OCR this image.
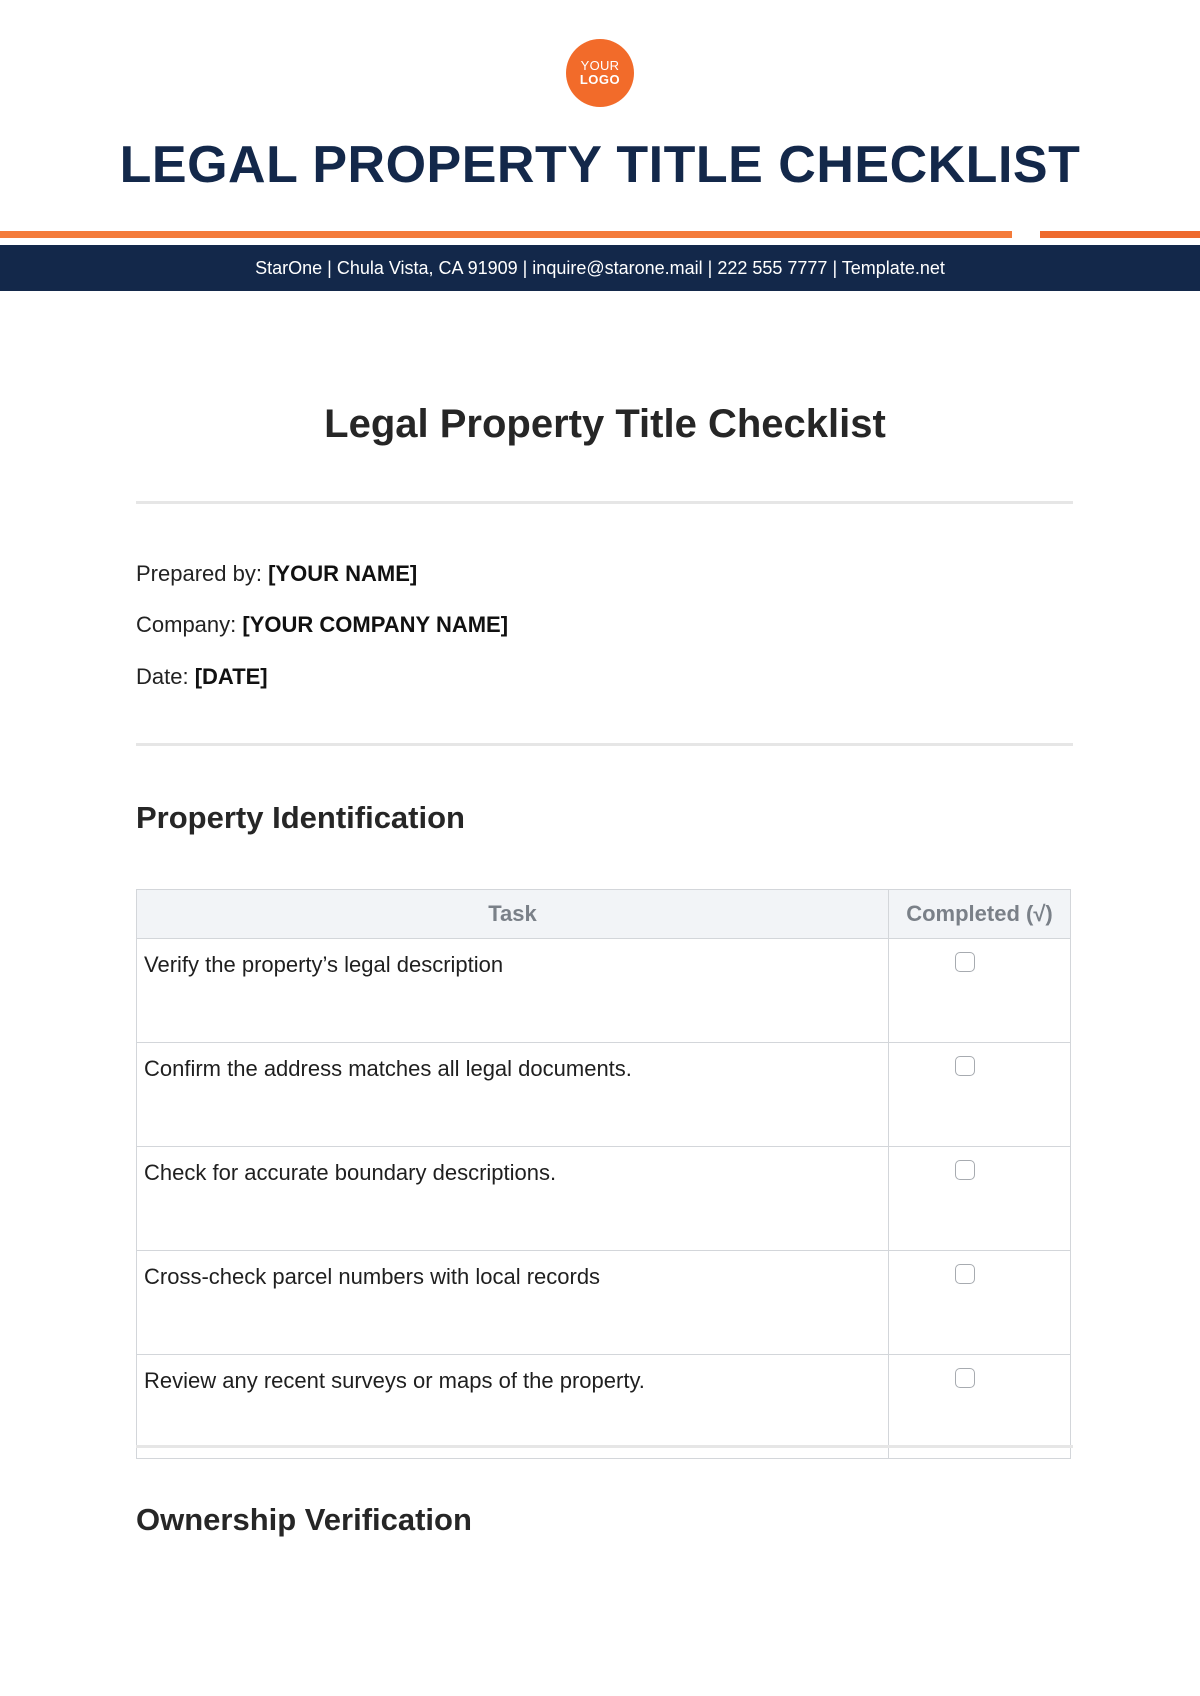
YOUR
LOGO
LEGAL PROPERTY TITLE CHECKLIST
StarOne | Chula Vista, CA 91909 | inquire@starone.mail | 222 555 7777 | Template.net
Legal Property Title Checklist
Prepared by: [YOUR NAME]
Company: [YOUR COMPANY NAME]
Date: [DATE]
Property Identification
Task	Completed (√)
Verify the property’s legal description	

Confirm the address matches all legal documents.	

Check for accurate boundary descriptions.	

Cross-check parcel numbers with local records	

Review any recent surveys or maps of the property.	
Ownership Verification
